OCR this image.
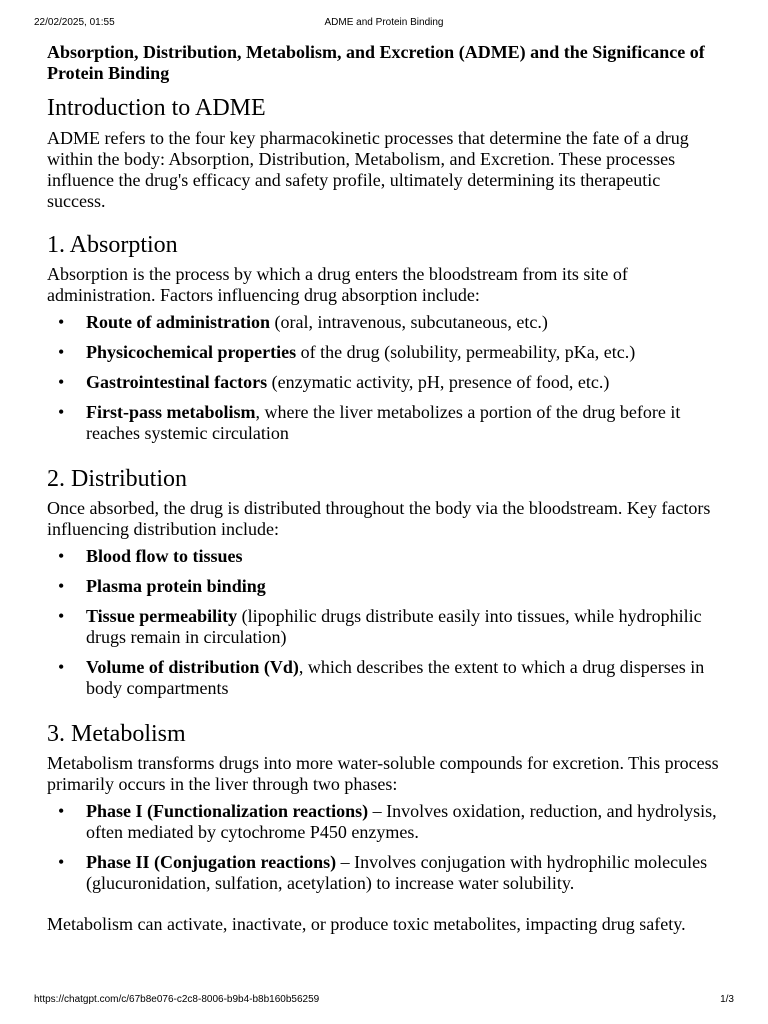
22/02/2025, 01:55	ADME and Protein Binding

Absorption, Distribution, Metabolism, and Excretion (ADME) and the Significance of Protein Binding

Introduction to ADME

ADME refers to the four key pharmacokinetic processes that determine the fate of a drug within the body: Absorption, Distribution, Metabolism, and Excretion. These processes influence the drug's efficacy and safety profile, ultimately determining its therapeutic success.

1. Absorption

Absorption is the process by which a drug enters the bloodstream from its site of administration. Factors influencing drug absorption include:

• Route of administration (oral, intravenous, subcutaneous, etc.)
• Physicochemical properties of the drug (solubility, permeability, pKa, etc.)
• Gastrointestinal factors (enzymatic activity, pH, presence of food, etc.)
• First-pass metabolism, where the liver metabolizes a portion of the drug before it reaches systemic circulation
2. Distribution

Once absorbed, the drug is distributed throughout the body via the bloodstream. Key factors influencing distribution include:

• Blood flow to tissues
• Plasma protein binding
• Tissue permeability (lipophilic drugs distribute easily into tissues, while hydrophilic drugs remain in circulation)
• Volume of distribution (Vd), which describes the extent to which a drug disperses in body compartments
3. Metabolism

Metabolism transforms drugs into more water-soluble compounds for excretion. This process primarily occurs in the liver through two phases:

• Phase I (Functionalization reactions) – Involves oxidation, reduction, and hydrolysis, often mediated by cytochrome P450 enzymes.
• Phase II (Conjugation reactions) – Involves conjugation with hydrophilic molecules (glucuronidation, sulfation, acetylation) to increase water solubility.

Metabolism can activate, inactivate, or produce toxic metabolites, impacting drug safety.

https://chatgpt.com/c/67b8e076-c2c8-8006-b9b4-b8b160b56259	1/3
